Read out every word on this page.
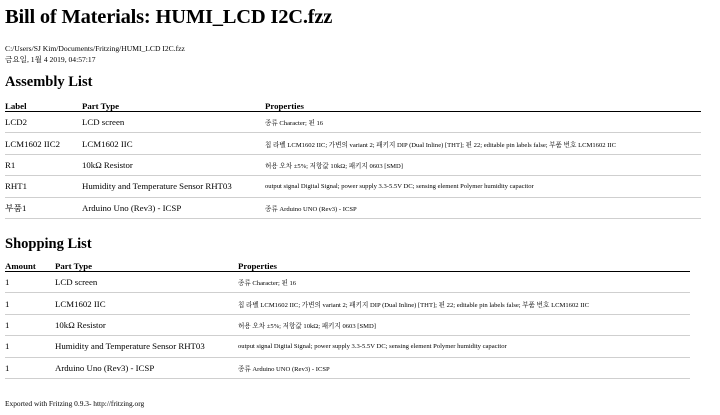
Bill of Materials: HUMI_LCD I2C.fzz
C:/Users/SJ Kim/Documents/Fritzing/HUMI_LCD I2C.fzz
금요일, 1월 4 2019, 04:57:17
Assembly List
Label	Part Type	Properties
LCD2	LCD screen	종류 Character; 핀 16
LCM1602 IIC2	LCM1602 IIC	칩 라벨 LCM1602 IIC; 가변의 variant 2; 패키지 DIP (Dual Inline) [THT]; 핀 22; editable pin labels false; 부품 번호 LCM1602 IIC
R1	10kΩ Resistor	허용 오차 ±5%; 저항값 10kΩ; 패키지 0603 [SMD]
RHT1	Humidity and Temperature Sensor RHT03	output signal Digital Signal; power supply 3.3-5.5V DC; sensing element Polymer humidity capacitor
부품1	Arduino Uno (Rev3) - ICSP	종류 Arduino UNO (Rev3) - ICSP
Shopping List
Amount	Part Type	Properties
1	LCD screen	종류 Character; 핀 16
1	LCM1602 IIC	칩 라벨 LCM1602 IIC; 가변의 variant 2; 패키지 DIP (Dual Inline) [THT]; 핀 22; editable pin labels false; 부품 번호 LCM1602 IIC
1	10kΩ Resistor	허용 오차 ±5%; 저항값 10kΩ; 패키지 0603 [SMD]
1	Humidity and Temperature Sensor RHT03	output signal Digital Signal; power supply 3.3-5.5V DC; sensing element Polymer humidity capacitor
1	Arduino Uno (Rev3) - ICSP	종류 Arduino UNO (Rev3) - ICSP
Exported with Fritzing 0.9.3- http://fritzing.org
